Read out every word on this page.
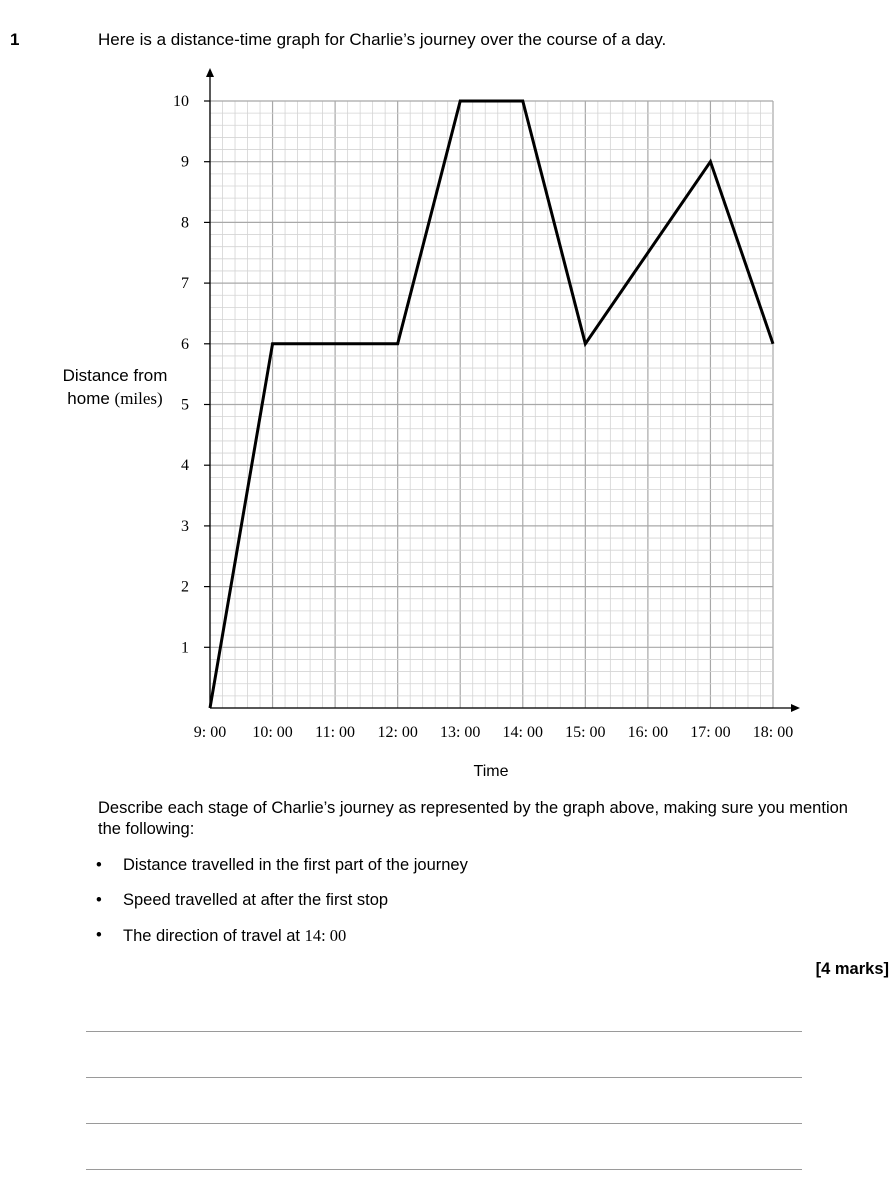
1	Here is a distance-time graph for Charlie’s journey over the course of a day.
Distance from
home (miles)
1
2
3
4
5
6
7
8
9
10
9: 00 10: 00 11: 00 12: 00 13: 00 14: 00 15: 00 16: 00 17: 00 18: 00
Time
Describe each stage of Charlie’s journey as represented by the graph above, making sure you mention the following:
• Distance travelled in the first part of the journey
• Speed travelled at after the first stop
• The direction of travel at 14: 00
[4 marks]
